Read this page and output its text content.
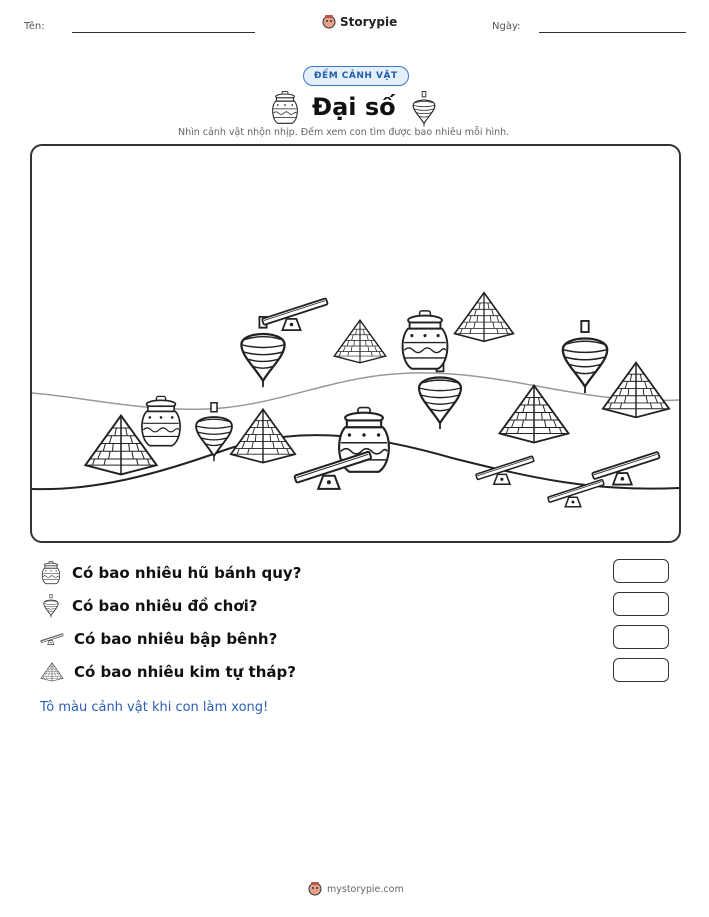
Tên:	Storypie	Ngày:
ĐẾM CẢNH VẬT
Đại số
Nhìn cảnh vật nhộn nhịp. Đếm xem con tìm được bao nhiêu mỗi hình.
Có bao nhiêu hũ bánh quy?
Có bao nhiêu đồ chơi?
Có bao nhiêu bập bênh?
Có bao nhiêu kim tự tháp?
Tô màu cảnh vật khi con làm xong!
mystorypie.com
